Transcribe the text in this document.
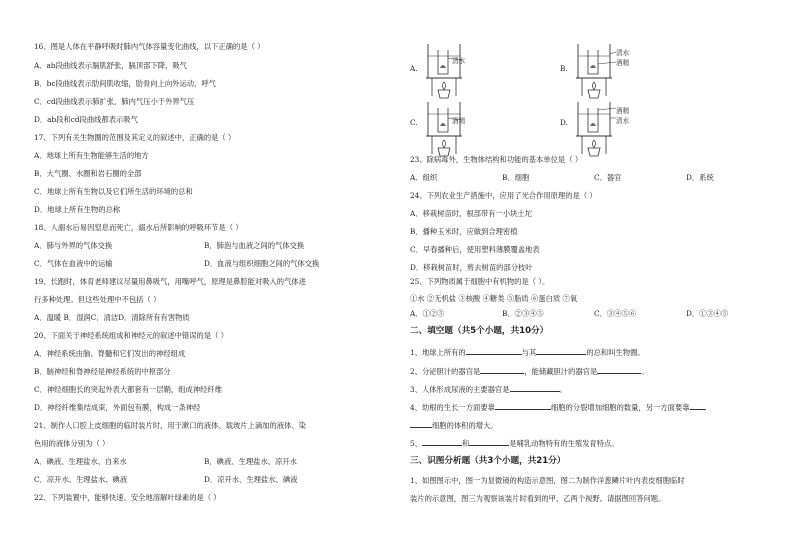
16、图是人体在平静呼吸时肺内气体容量变化曲线，以下正确的是（ ）
A．ab段曲线表示膈肌舒张，膈顶部下降，吸气
B．bc段曲线表示肋间肌收缩，肋骨向上向外运动，呼气
C．cd段曲线表示肺扩张，肺内气压小于外界气压
D．ab段和cd段曲线都表示吸气
17、下列有关生物圈的范围及其定义的叙述中，正确的是（ ）
A．地球上所有生物能够生活的地方
B．大气圈、水圈和岩石圈的全部
C．地球上所有生物以及它们所生活的环境的总和
D．地球上所有生物的总称
18、人溺水后易因窒息而死亡，溺水后所影响的呼吸环节是（ ）
A．肺与外界的气体交换	B．肺泡与血液之间的气体交换
C．气体在血液中的运输	D．血液与组织细胞之间的气体交换
19、长跑时，体育老师建议尽量用鼻吸气，用嘴呼气，原理是鼻腔能对吸入的气体进
行多种处理。但这些处理中不包括（ ）
A．温暖 B．湿润C．清洁D．清除所有有害物质
20、下面关于神经系统组成和神经元的叙述中错误的是（ ）
A．神经系统由脑、脊髓和它们发出的神经组成
B．脑神经和脊神经是神经系统的中枢部分
C．神经细胞长的突起外表大都套有一层鞘，组成神经纤维
D．神经纤维集结成束，外面包有膜，构成一条神经
21、制作人口腔上皮细胞的临时装片时，用于漱口的液体、载玻片上滴加的液体、染
色用的液体分别为（ ）
A．碘液、生理盐水、自来水	B．碘液、生理盐水、凉开水
C．凉开水、生理盐水、碘液	D．凉开水、生理盐水、碘液
22、下列装置中，能够快速、安全地溶解叶绿素的是（ ）
A.
清水
B.
清水
酒精
C.	酒精	D.
酒精
清水
23、除病毒外，生物体结构和功能的基本单位是（ ）
A．组织	B．细胞	C．器官	D．系统
24、下列农业生产措施中，应用了光合作用原理的是（ ）
A．移栽树苗时，根部带有一小块土坨
B．播种玉米时，应做到合理密植
C．早春播种后，使用塑料薄膜覆盖地表
D．移栽树苗时，剪去树苗的部分枝叶
25、下列物质属于细胞中有机物的是（ ）。
①水 ②无机盐 ③核酸 ④糖类 ⑤脂质 ⑥蛋白质 ⑦氧
A．①②⑤	B．②③④⑤	C．③④⑤⑥	D．①③④⑤
二、填空题（共5个小题，共10分）
1、地球上所有的	与其	的总和叫生物圈。
2、分泌胆汁的器官是	，能储藏胆汁的器官是	。
3、人体形成尿液的主要器官是	。
4、幼根的生长一方面要靠	细胞的分裂增加细胞的数量，另一方面要靠
细胞的体积的增大。
5、	和	是哺乳动物特有的生殖发育特点。
三、识图分析题（共3个小题，共21分）
1、如图图示中，图一为显微镜的构造示意图，图二为制作洋葱鳞片叶内表皮细胞临时
装片的示意图，图三为观察该装片时看到的甲、乙两个视野。请据图回答问题。
